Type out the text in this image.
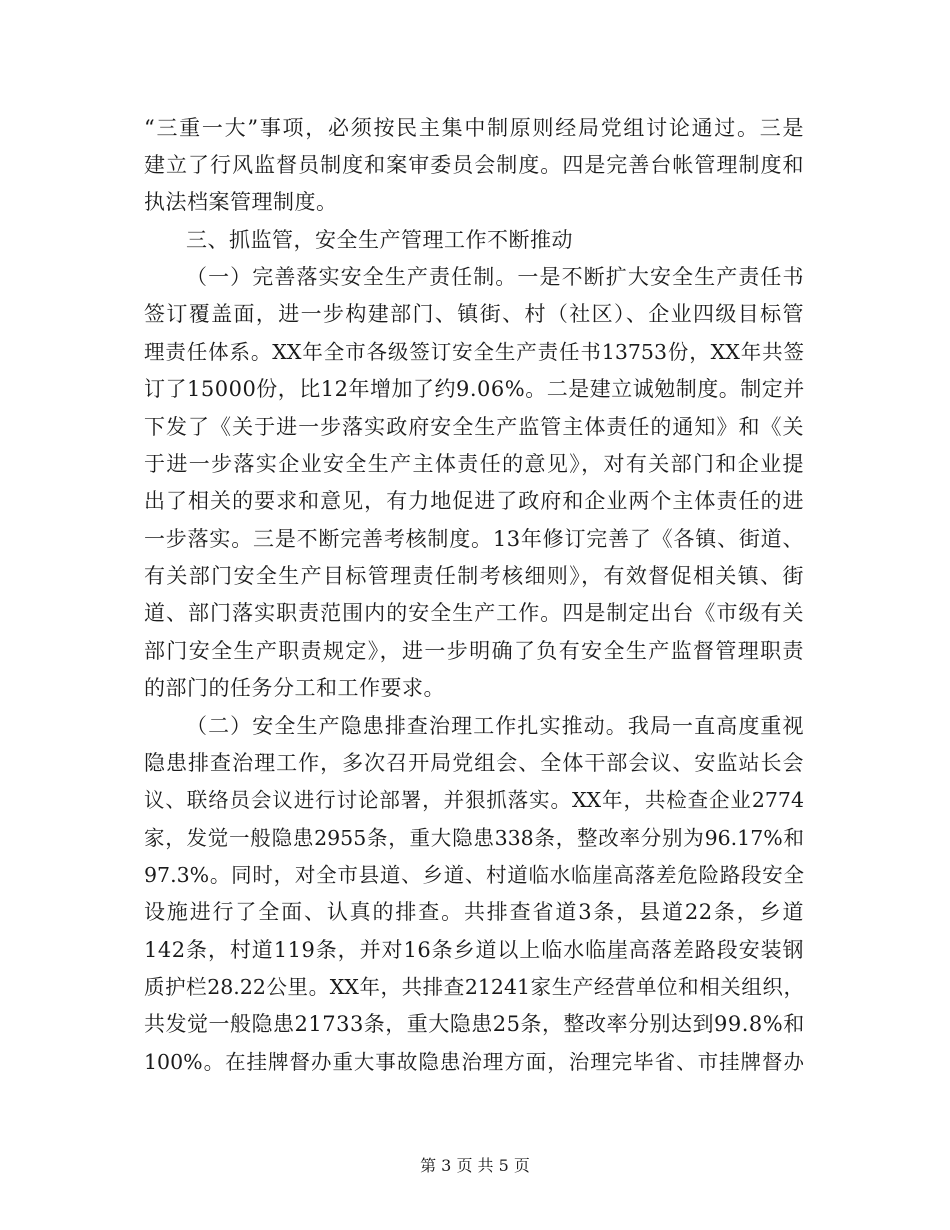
“三重一大”事项，必须按民主集中制原则经局党组讨论通过。三是
建立了行风监督员制度和案审委员会制度。四是完善台帐管理制度和
执法档案管理制度。
三、抓监管，安全生产管理工作不断推动
（一）完善落实安全生产责任制。一是不断扩大安全生产责任书
签订覆盖面，进一步构建部门、镇街、村（社区）、企业四级目标管
理责任体系。XX年全市各级签订安全生产责任书13753份，XX年共签
订了15000份，比12年增加了约9.06%。二是建立诚勉制度。制定并
下发了《关于进一步落实政府安全生产监管主体责任的通知》和《关
于进一步落实企业安全生产主体责任的意见》，对有关部门和企业提
出了相关的要求和意见，有力地促进了政府和企业两个主体责任的进
一步落实。三是不断完善考核制度。13年修订完善了《各镇、街道、
有关部门安全生产目标管理责任制考核细则》，有效督促相关镇、街
道、部门落实职责范围内的安全生产工作。四是制定出台《市级有关
部门安全生产职责规定》，进一步明确了负有安全生产监督管理职责
的部门的任务分工和工作要求。
（二）安全生产隐患排查治理工作扎实推动。我局一直高度重视
隐患排查治理工作，多次召开局党组会、全体干部会议、安监站长会
议、联络员会议进行讨论部署，并狠抓落实。XX年，共检查企业2774
家，发觉一般隐患2955条，重大隐患338条，整改率分别为96.17%和
97.3%。同时，对全市县道、乡道、村道临水临崖高落差危险路段安全
设施进行了全面、认真的排查。共排查省道3条，县道22条，乡道
142条，村道119条，并对16条乡道以上临水临崖高落差路段安装钢
质护栏28.22公里。XX年，共排查21241家生产经营单位和相关组织，
共发觉一般隐患21733条，重大隐患25条，整改率分别达到99.8%和
100%。在挂牌督办重大事故隐患治理方面，治理完毕省、市挂牌督办
第 3 页 共 5 页
